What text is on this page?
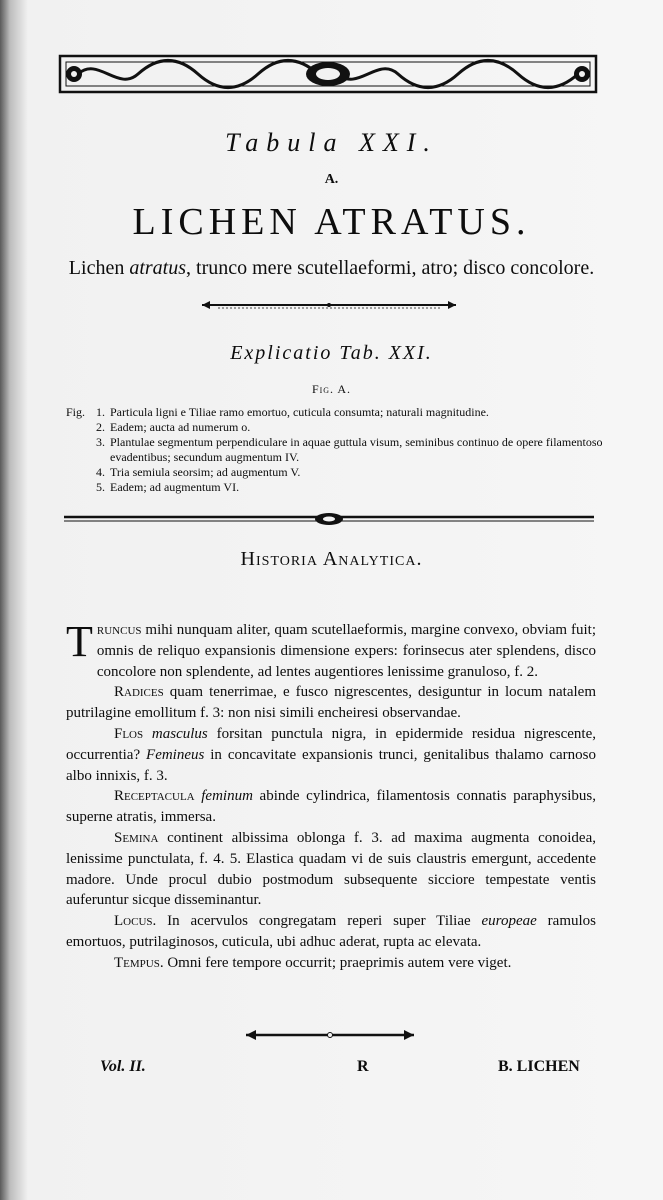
Tabula XXI.
A.
LICHEN ATRATUS.
Lichen atratus, trunco mere scutellaeformi, atro; disco concolore.
Explicatio Tab. XXI.
Fig. A.
Fig. 1. Particula ligni e Tiliae ramo emortuo, cuticula consumta; naturali magnitudine.
2. Eadem; aucta ad numerum o.
3. Plantulae segmentum perpendiculare in aquae guttula visum, seminibus continuo de opere filamentoso evadentibus; secundum augmentum IV.
4. Tria semiula seorsim; ad augmentum V.
5. Eadem; ad augmentum VI.
Historia Analytica.

Truncus mihi nunquam aliter, quam scutellaeformis, margine convexo, obviam fuit; omnis de reliquo expansionis dimensione expers: forinsecus ater splendens, disco concolore non splendente, ad lentes augentiores lenissime granuloso, f. 2.

Radices quam tenerrimae, e fusco nigrescentes, desiguntur in locum natalem putrilagine emollitum f. 3: non nisi simili encheiresi observandae.

Flos masculus forsitan punctula nigra, in epidermide residua nigrescente, occurrentia? Femineus in concavitate expansionis trunci, genitalibus thalamo carnoso albo innixis, f. 3.

Receptacula feminum abinde cylindrica, filamentosis connatis paraphysibus, superne atratis, immersa.

Semina continent albissima oblonga f. 3. ad maxima augmenta conoidea, lenissime punctulata, f. 4. 5. Elastica quadam vi de suis claustris emergunt, accedente madore. Unde procul dubio postmodum subsequente sicciore tempestate ventis auferuntur sicque disseminantur.

Locus. In acervulos congregatam reperi super Tiliae europeae ramulos emortuos, putrilaginosos, cuticula, ubi adhuc aderat, rupta ac elevata.

Tempus. Omni fere tempore occurrit; praeprimis autem vere viget.

Vol. II.	R	B. LICHEN
